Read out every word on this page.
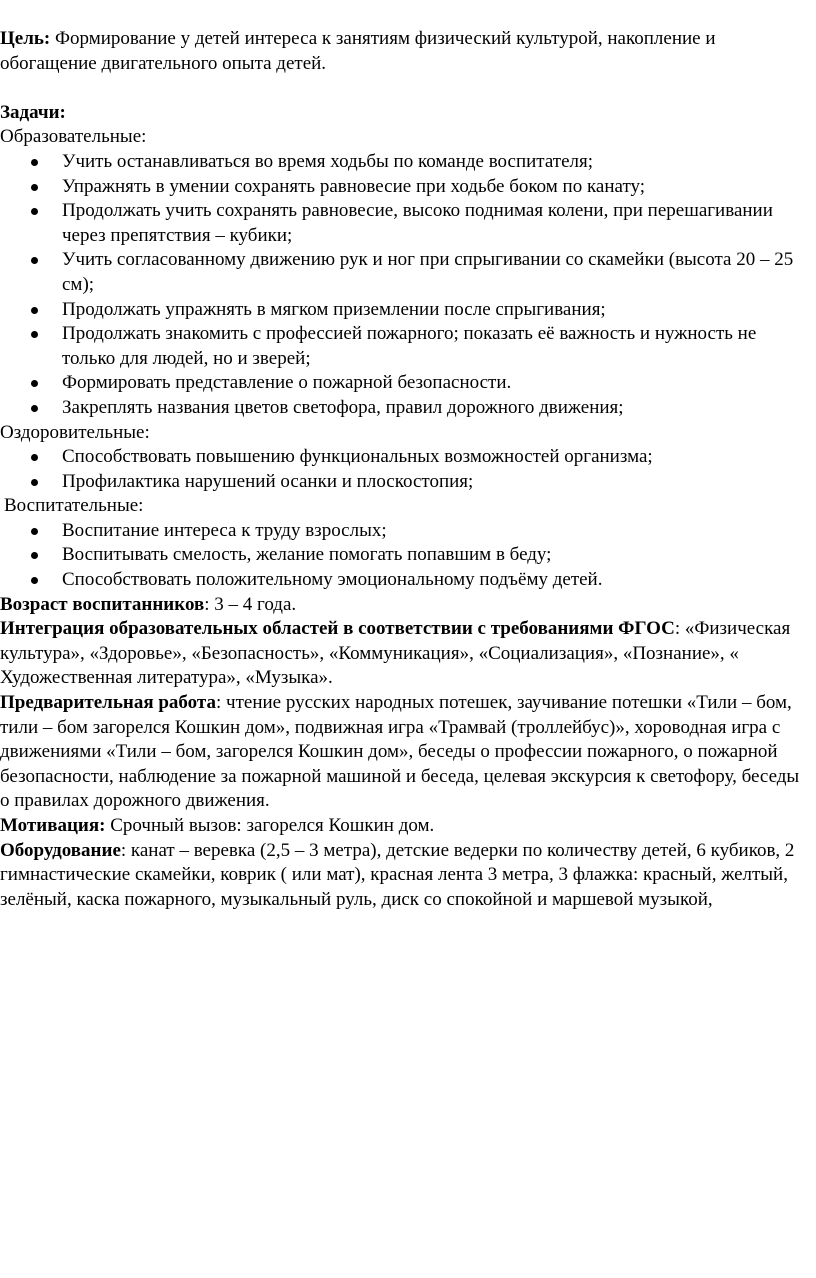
Цель: Формирование у детей интереса к занятиям физический культурой, накопление и обогащение двигательного опыта детей.

Задачи:

Образовательные:

Учить останавливаться во время ходьбы по команде воспитателя;
Упражнять в умении сохранять равновесие при ходьбе боком по канату;
Продолжать учить сохранять равновесие, высоко поднимая колени, при перешагивании через препятствия – кубики;
Учить согласованному движению рук и ног при спрыгивании со скамейки (высота 20 – 25 см);
Продолжать упражнять в мягком приземлении после спрыгивания;
Продолжать знакомить с профессией пожарного; показать её важность и нужность не только для людей, но и зверей;
Формировать представление о пожарной безопасности.
Закреплять названия цветов светофора, правил дорожного движения;

Оздоровительные:

Способствовать повышению функциональных возможностей организма;
Профилактика нарушений осанки и плоскостопия;

Воспитательные:

Воспитание интереса к труду взрослых;
Воспитывать смелость, желание помогать попавшим в беду;
Способствовать положительному эмоциональному подъёму детей.

Возраст воспитанников: 3 – 4 года.

Интеграция образовательных областей в соответствии с требованиями ФГОС: «Физическая культура», «Здоровье», «Безопасность», «Коммуникация», «Социализация», «Познание», « Художественная литература», «Музыка».

Предварительная работа: чтение русских народных потешек, заучивание потешки «Тили – бом, тили – бом загорелся Кошкин дом», подвижная игра «Трамвай (троллейбус)», хороводная игра с движениями «Тили – бом, загорелся Кошкин дом», беседы о профессии пожарного, о пожарной безопасности, наблюдение за пожарной машиной и беседа, целевая экскурсия к светофору, беседы о правилах дорожного движения.

Мотивация: Срочный вызов: загорелся Кошкин дом.

Оборудование: канат – веревка (2,5 – 3 метра), детские ведерки по количеству детей, 6 кубиков, 2 гимнастические скамейки, коврик ( или мат), красная лента 3 метра, 3 флажка: красный, желтый, зелёный, каска пожарного, музыкальный руль, диск со спокойной и маршевой музыкой,
